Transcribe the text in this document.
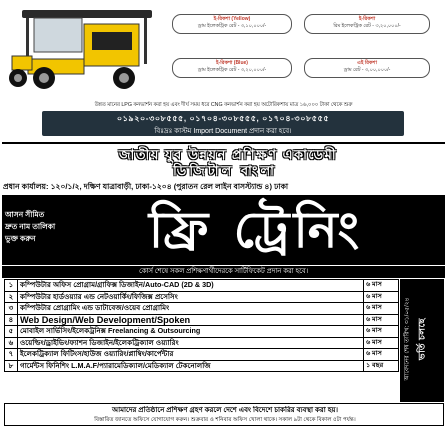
ই-রিকশা (Yellow)
ড্রাম ইলেকট্রিক রেট - ৩,১০,০০০/-
ই-রিকশা
রিম ইলেকট্রিক রেট - ৩,২০,০০০/-
ই-রিকশা (Blue)
ড্রাম ইলেকট্রিক রেট - ৩,২০,০০০/-
এই রিকশা
ড্রাম রেট - ৩,০০,০০০/-
উন্নত মানের LPG কনভার্শন করা হয় এবং দীর্ঘ সময় ধরে CNG কনভার্শন করা হয় অটোরিকশায় মাত্র ১৬,০০০ টাকা থেকে শুরু
০১৯২০-৩০৮৫৫৫, ০১৭০৪-৩০৮৫৫৫, ০১৭০৪-৩০৮৫৫৫
বিঃদ্রঃ কাস্টম Import Document প্রদান করা হবে।
জাতীয় যুব উন্নয়ন প্রশিক্ষণ একাডেমী
ডিজিটাল বাংলা
প্রধান কার্যালয়: ১২০/১/২, দক্ষিণ যাত্রাবাড়ী, ঢাকা-১২০৪ (পুরাতন রেল লাইন বাসস্ট্যান্ড ৪) ঢাকা
আসন সীমিত
দ্রুত নাম তালিকা
ভুক্ত করুন	ফ্রি ট্রেনিং
কোর্স শেষে সকল প্রশিক্ষণার্থীদেরকে সার্টিফিকেট প্রদান করা হবে।
১	কম্পিউটার অফিস প্রোগ্রাম/গ্রাফিক্স ডিজাইন/Auto-CAD (2D & 3D)	৬ মাস
২	কম্পিউটার হার্ডওয়্যার এন্ড নেটওয়ার্কিং/ফিজিক্স প্রসেসিং	৬ মাস
৩	কম্পিউটার প্রোগ্রামিং এন্ড ডাটাবেজ/ওয়েব প্রোগ্রামিং	৬ মাস
৪	Web Design/Web Development/Spoken	৬ মাস
৫	মোবাইল সার্ভিসিং/ইলেকট্রনিক্স Freelancing & Outsourcing	৬ মাস
৬	ওয়েল্ডিং/ড্রাইভিং/ফ্যাশন ডিজাইন/ইলেকট্রিক্যাল ওয়্যারিং	৬ মাস
৭	ইলেকট্রিক্যাল ফিটিংস/হাউজ ওয়্যারিং/প্লাম্বিং/কার্পেন্টার	৬ মাস
৮	গার্মেন্টস ফিনিশিং L.M.A.F/প্যারামেডিক্যাল/মেডিক্যাল টেকনোলজি	১ বছর
ভর্তি চলছে
আবেদনের শেষ তারিখ: ৩১/০৫/২৪
আমাদের প্রতিষ্ঠানে প্রশিক্ষণ গ্রহণ করলে দেশে এবং বিদেশে চাকরির ব্যবস্থা করা হয়।
বিস্তারিত জানতে অফিসে যোগাযোগ করুন। শুক্রবার ও শনিবার অফিস খোলা থাকে। সকাল ৯টা থেকে বিকাল ৫টা পর্যন্ত।
